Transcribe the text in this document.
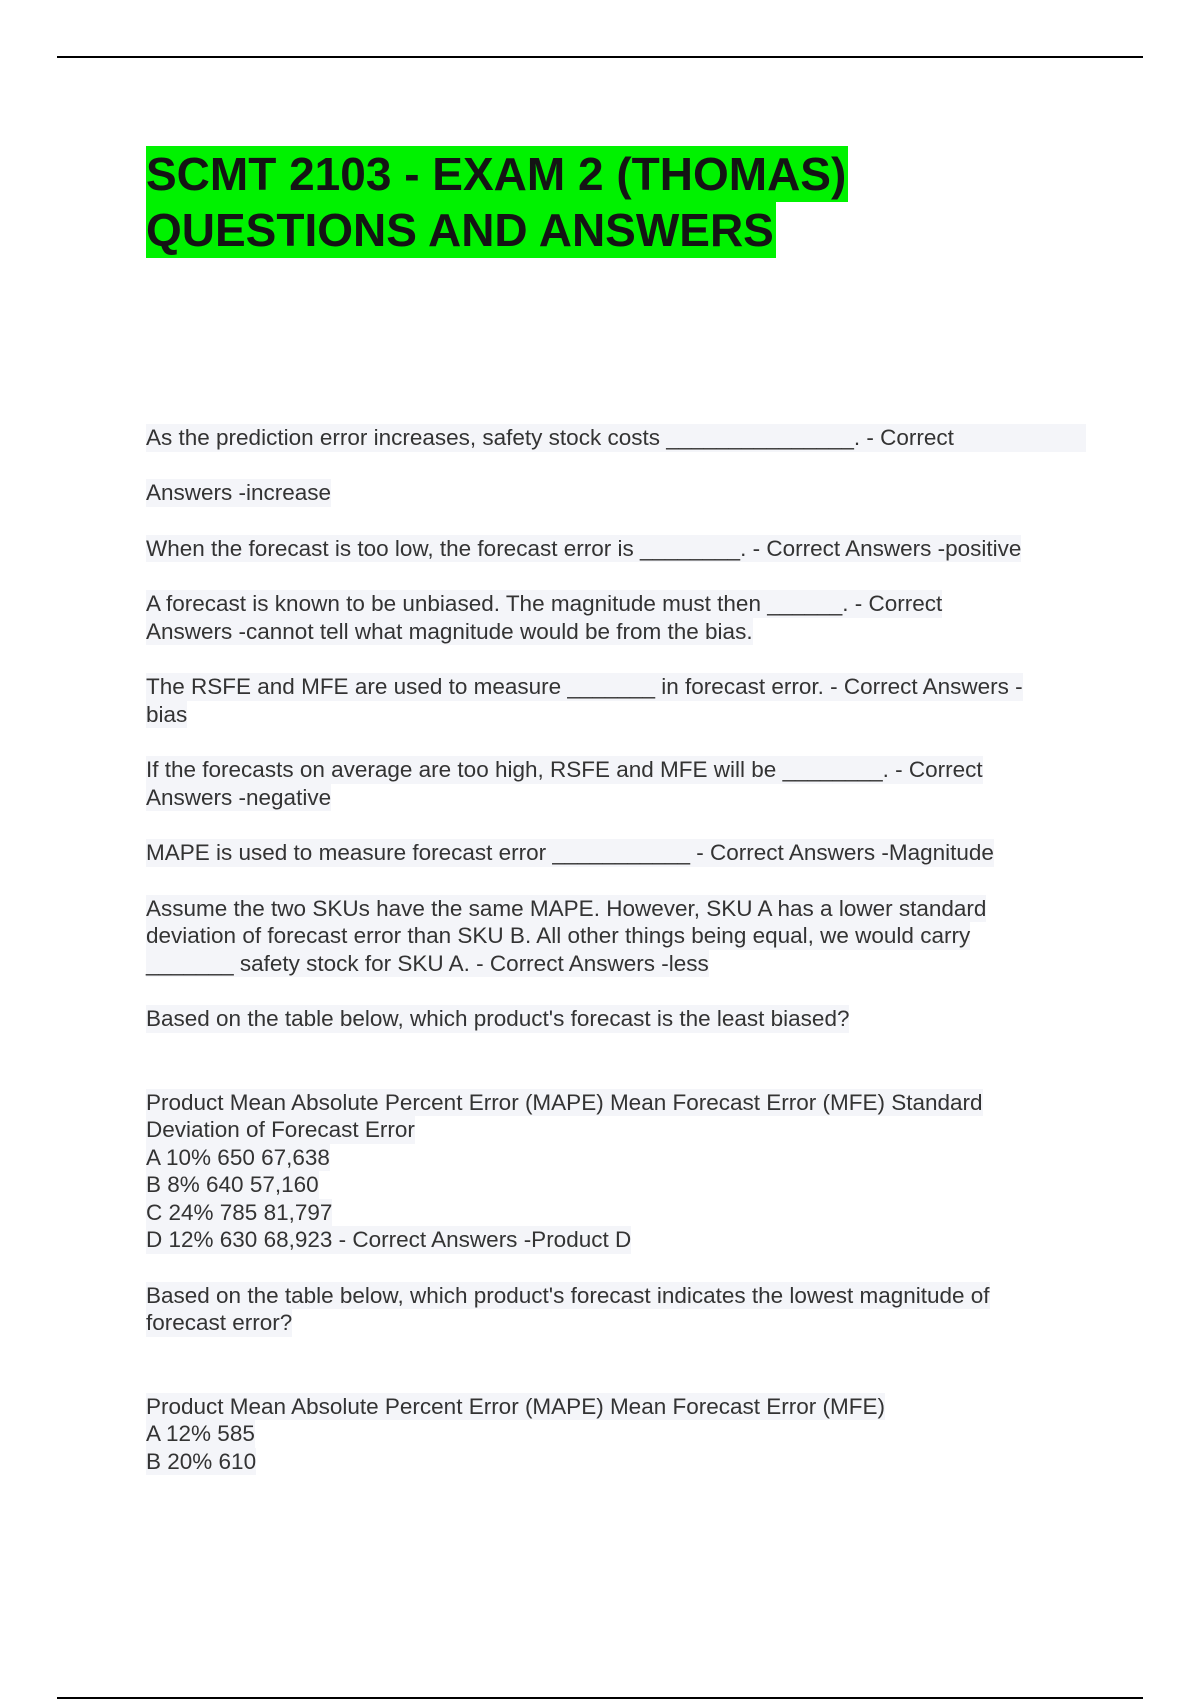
SCMT 2103 - EXAM 2 (THOMAS)
QUESTIONS AND ANSWERS
As the prediction error increases, safety stock costs _______________. - Correct

Answers -increase
When the forecast is too low, the forecast error is ________. - Correct Answers -positive
A forecast is known to be unbiased. The magnitude must then ______. - Correct
Answers -cannot tell what magnitude would be from the bias.
The RSFE and MFE are used to measure _______ in forecast error. - Correct Answers -
bias
If the forecasts on average are too high, RSFE and MFE will be ________. - Correct
Answers -negative
MAPE is used to measure forecast error ___________ - Correct Answers -Magnitude
Assume the two SKUs have the same MAPE. However, SKU A has a lower standard
deviation of forecast error than SKU B. All other things being equal, we would carry
_______ safety stock for SKU A. - Correct Answers -less
Based on the table below, which product's forecast is the least biased?
Product Mean Absolute Percent Error (MAPE) Mean Forecast Error (MFE) Standard
Deviation of Forecast Error
A 10% 650 67,638
B 8% 640 57,160
C 24% 785 81,797
D 12% 630 68,923 - Correct Answers -Product D
Based on the table below, which product's forecast indicates the lowest magnitude of
forecast error?
Product Mean Absolute Percent Error (MAPE) Mean Forecast Error (MFE)
A 12% 585
B 20% 610
